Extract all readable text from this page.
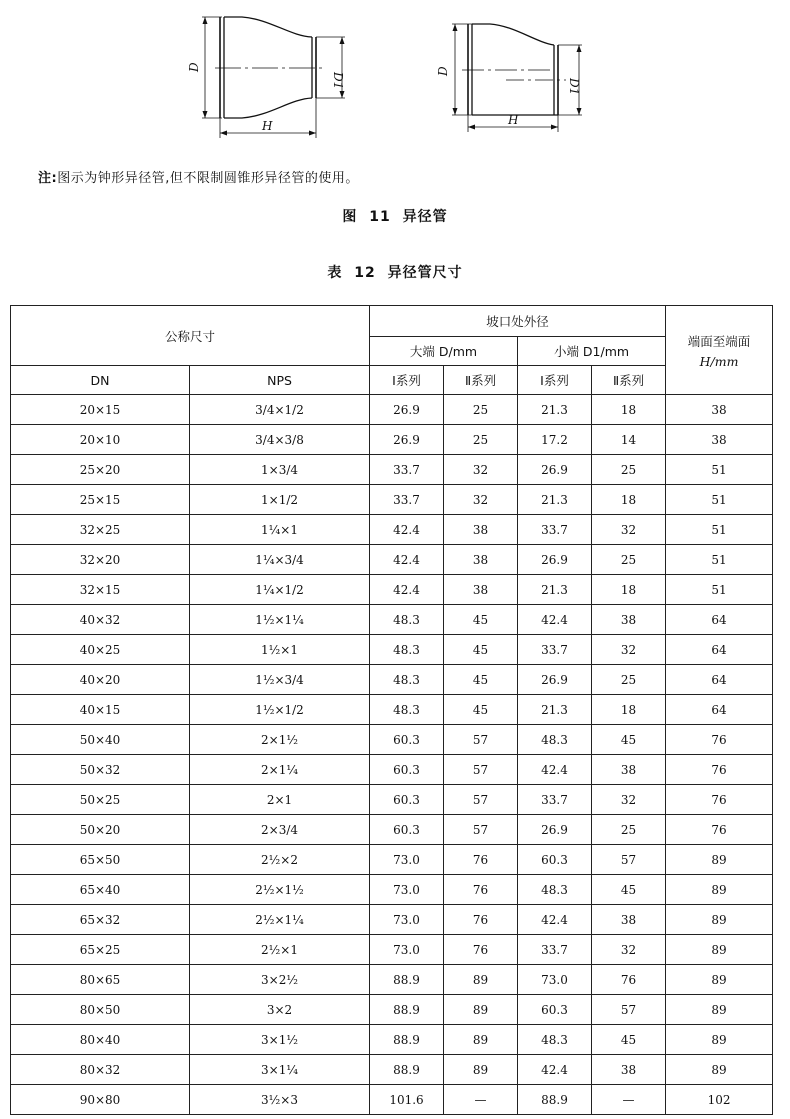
D
D1
H
D
D1
H
注:图示为钟形异径管,但不限制圆锥形异径管的使用。
图 11 异径管
表 12 异径管尺寸
公称尺寸		坡口处外径				端面至端面
H/mm

		大端 D/mm		小端 D1/mm		
DN	NPS	Ⅰ系列	Ⅱ系列	Ⅰ系列	Ⅱ系列	
20×15	3/4×1/2	26.9	25	21.3	18	38
20×10	3/4×3/8	26.9	25	17.2	14	38
25×20	1×3/4	33.7	32	26.9	25	51
25×15	1×1/2	33.7	32	21.3	18	51
32×25	1¼×1	42.4	38	33.7	32	51
32×20	1¼×3/4	42.4	38	26.9	25	51
32×15	1¼×1/2	42.4	38	21.3	18	51
40×32	1½×1¼	48.3	45	42.4	38	64
40×25	1½×1	48.3	45	33.7	32	64
40×20	1½×3/4	48.3	45	26.9	25	64
40×15	1½×1/2	48.3	45	21.3	18	64
50×40	2×1½	60.3	57	48.3	45	76
50×32	2×1¼	60.3	57	42.4	38	76
50×25	2×1	60.3	57	33.7	32	76
50×20	2×3/4	60.3	57	26.9	25	76
65×50	2½×2	73.0	76	60.3	57	89
65×40	2½×1½	73.0	76	48.3	45	89
65×32	2½×1¼	73.0	76	42.4	38	89
65×25	2½×1	73.0	76	33.7	32	89
80×65	3×2½	88.9	89	73.0	76	89
80×50	3×2	88.9	89	60.3	57	89
80×40	3×1½	88.9	89	48.3	45	89
80×32	3×1¼	88.9	89	42.4	38	89
90×80	3½×3	101.6	—	88.9	—	102
